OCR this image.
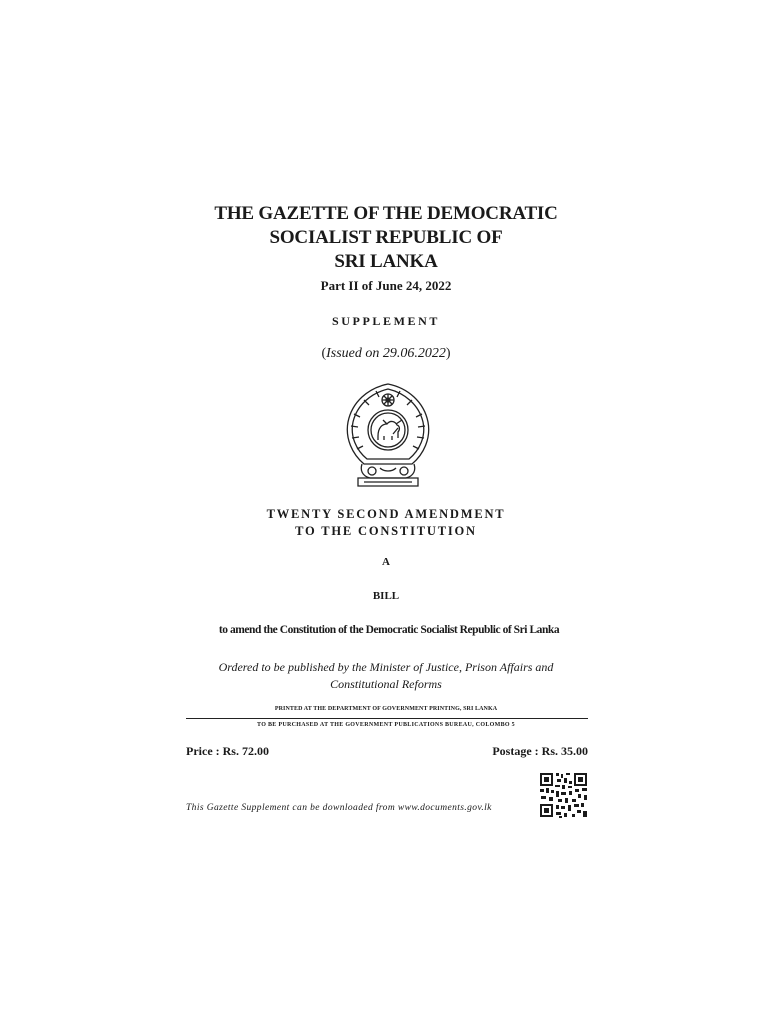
THE GAZETTE OF THE DEMOCRATIC
SOCIALIST REPUBLIC OF
SRI LANKA
Part II of June 24, 2022
SUPPLEMENT
(Issued on 29.06.2022)
TWENTY SECOND AMENDMENT
TO THE CONSTITUTION
A
BILL
to amend the Constitution of the Democratic Socialist Republic of Sri Lanka
Ordered to be published by the Minister of Justice, Prison Affairs and
Constitutional Reforms
PRINTED AT THE DEPARTMENT OF GOVERNMENT PRINTING, SRI LANKA
TO BE PURCHASED AT THE GOVERNMENT PUBLICATIONS BUREAU, COLOMBO 5
Price : Rs. 72.00	Postage : Rs. 35.00
This Gazette Supplement can be downloaded from www.documents.gov.lk
